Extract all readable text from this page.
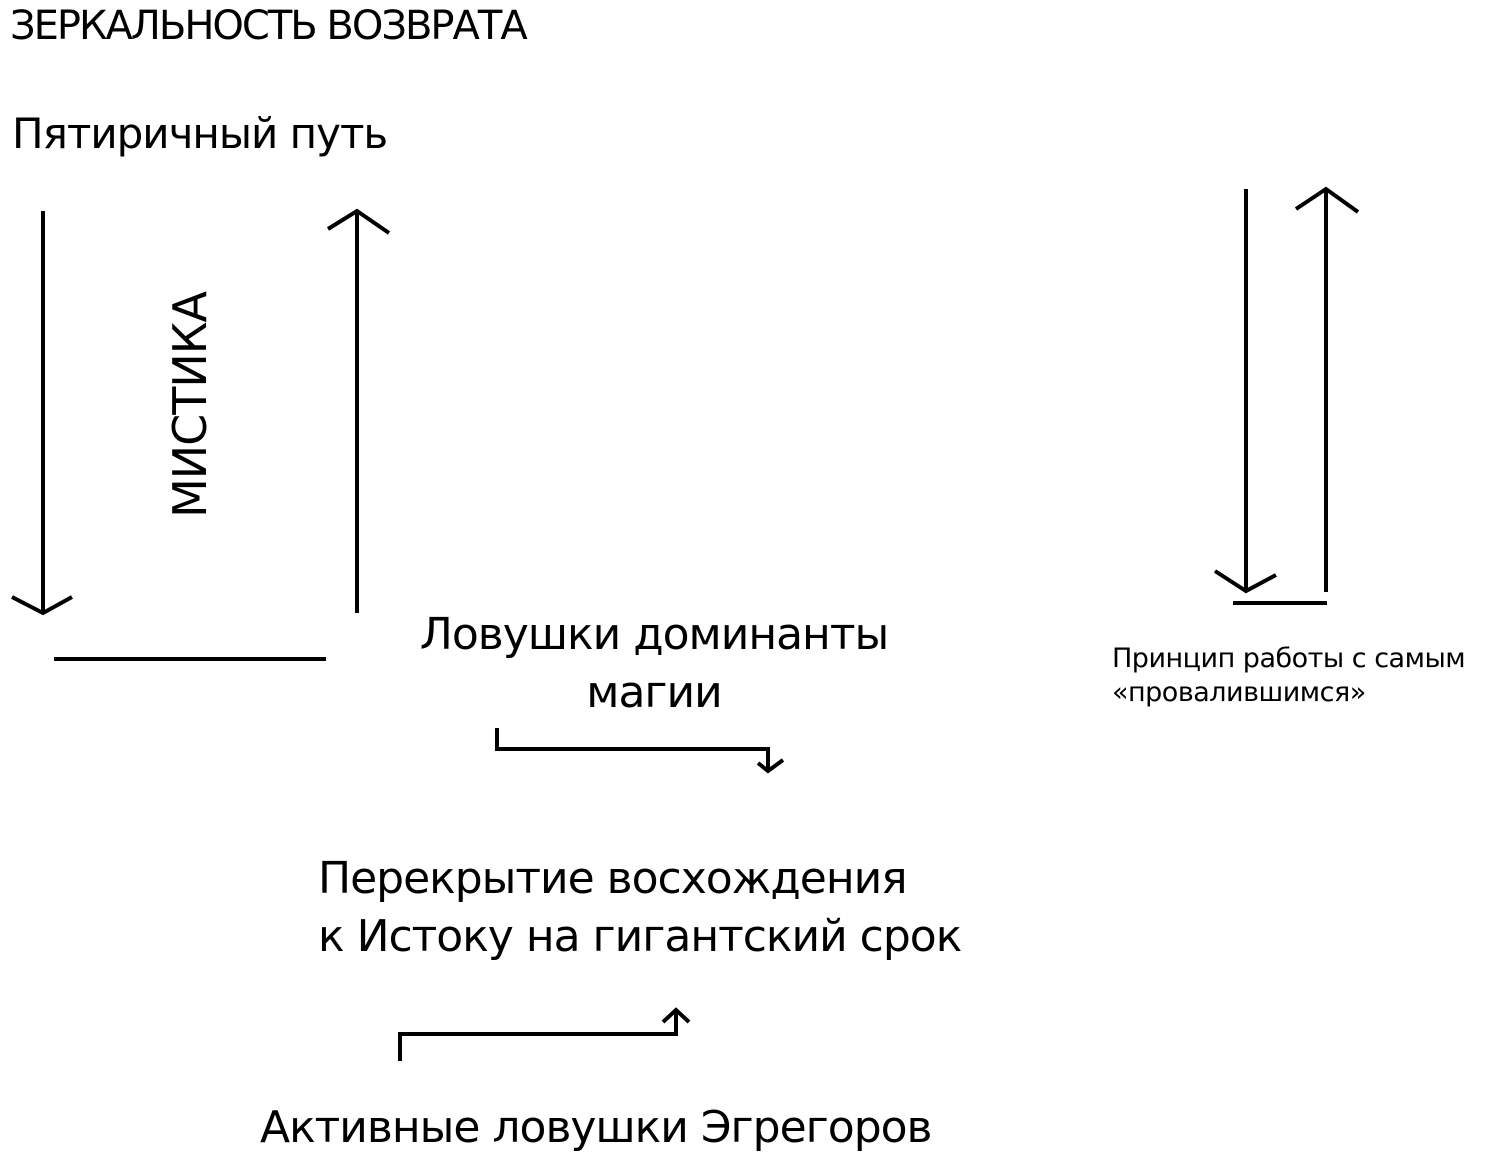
ЗЕРКАЛЬНОСТЬ ВОЗВРАТА
Пятиричный путь
МИСТИКА
Ловушки доминанты
магии
Перекрытие восхождения
к Истоку на гигантский срок
Активные ловушки Эгрегоров
Принцип работы с самым
«провалившимся»
